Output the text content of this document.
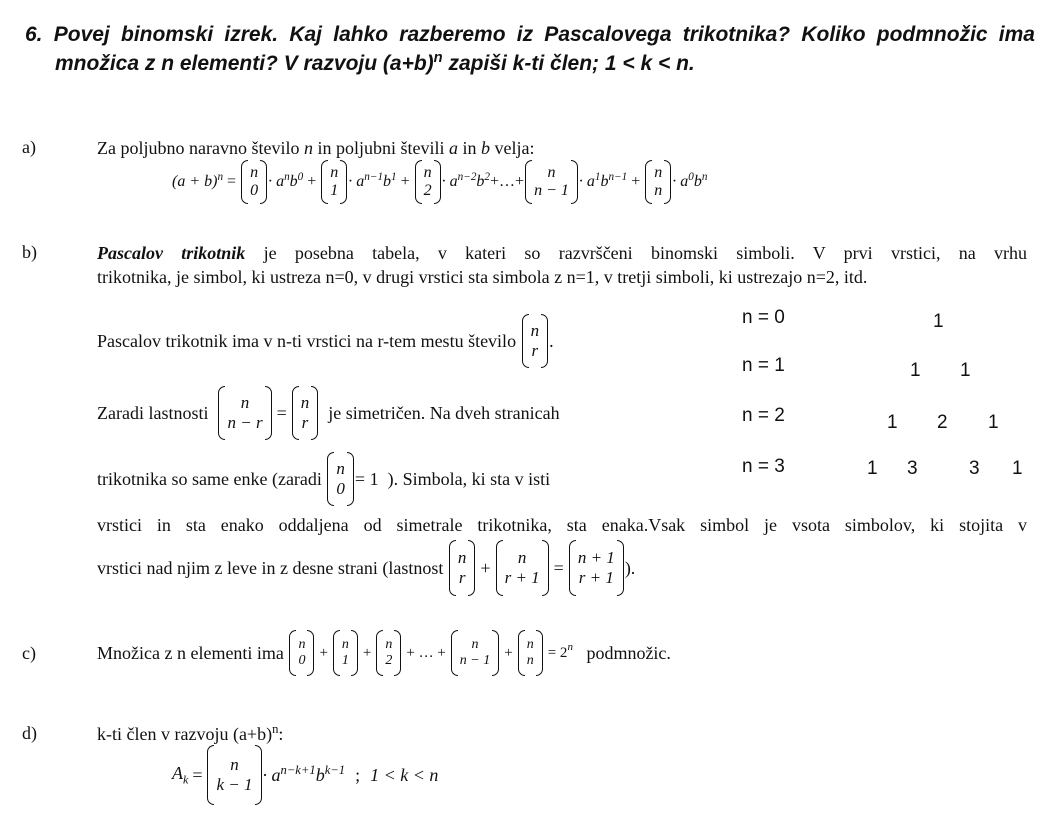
6. Povej binomski izrek. Kaj lahko razberemo iz Pascalovega trikotnika? Koliko podmnožic ima
množica z n elementi? V razvoju $(a+b)^n$ zapiši k-ti člen; 1 < k < n.
a)	Za poljubno naravno število n in poljubni števili a in b velja:
$(a + b)^n$ =
n
0
· $a^nb^0$ +
n
1
· $a^{n-1}b^1$ +
n
2
· $a^{n-2}b^2$ +…+
n
n − 1
· $a^1b^{n-1}$ +
n
n
· $a^0b^n$
b)	Pascalov trikotnik je posebna tabela, v kateri so razvrščeni binomski simboli. V prvi vrstici, na vrhu
trikotnika, je simbol, ki ustreza n=0, v drugi vrstici sta simbola z n=1, v tretji simboli, ki ustrezajo n=2, itd.
Pascalov trikotnik ima v n-ti vrstici na r-tem mestu število

n
r .
Zaradi lastnosti

n
n − r =
n
r
je simetričen. Na dveh stranicah
trikotnika so same enke (zaradi

n
0 = 1
). Simbola, ki sta v isti
vrstici in sta enako oddaljena od simetrale trikotnika, sta enaka.Vsak simbol je vsota simbolov, ki stojita v
vrstici nad njim z leve in z desne strani (lastnost

n
r +
n
r + 1 =
n + 1
r + 1 ).
n = 0	1
n = 1	1 1
n = 2	1 2 1
n = 3	1 3	3 1
c)	Množica z n elementi ima
n
0 +
n
1 +
n
2 + … +
n
n − 1 +
n
n = 2 n
podmnožic.
d)	k-ti člen v razvoju $(a+b)^n$:
$A_k = n$
$k - 1 \cdot a^{n-k+1}b^{k-1}$ ; 1 < k < n
